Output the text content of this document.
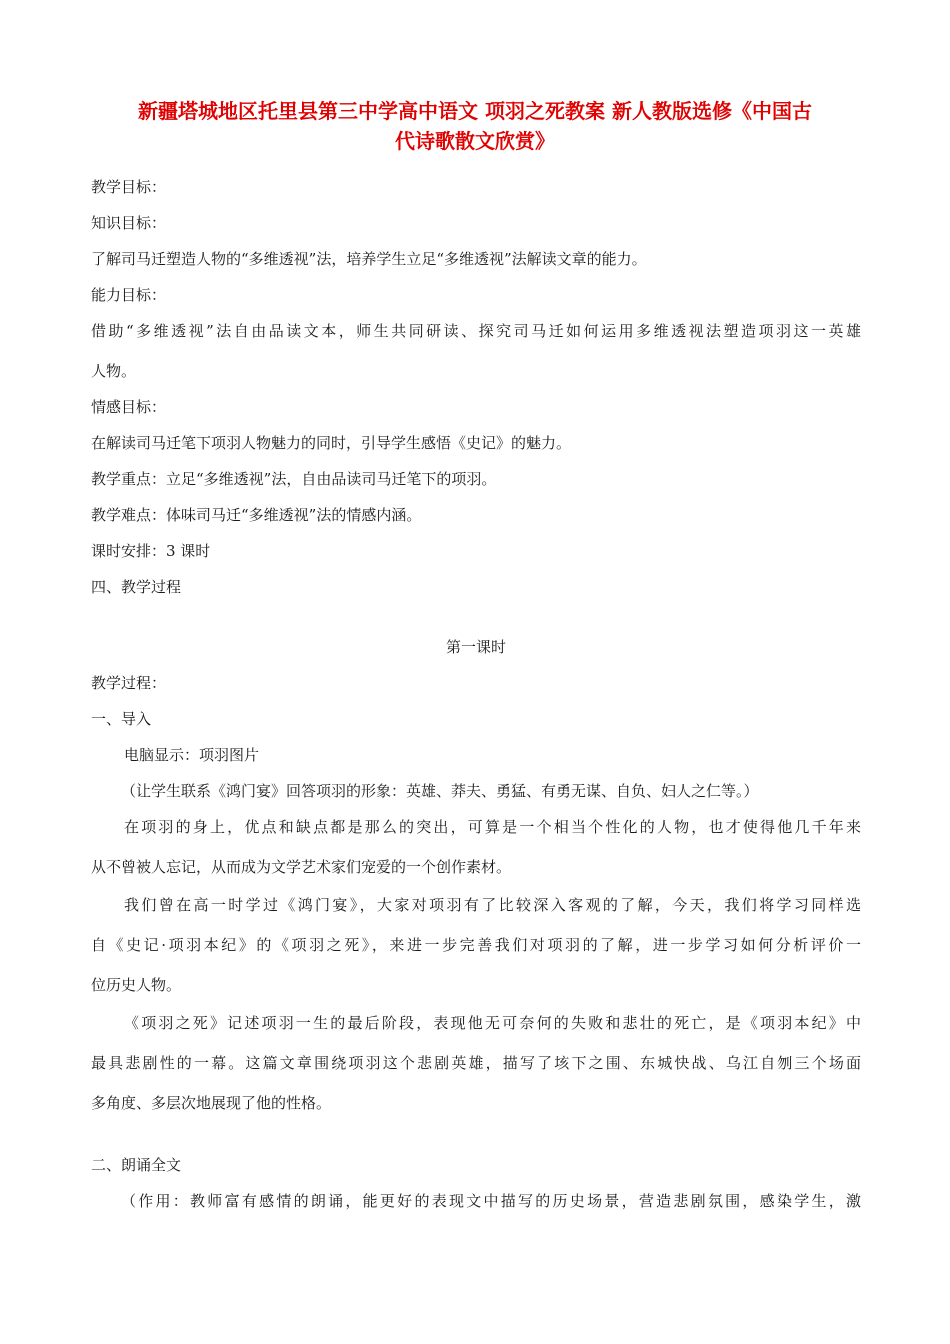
新疆塔城地区托里县第三中学高中语文 项羽之死教案 新人教版选修《中国古
代诗歌散文欣赏》
教学目标：
知识目标：
了解司马迁塑造人物的“多维透视”法，培养学生立足“多维透视”法解读文章的能力。
能力目标：
借助“多维透视”法自由品读文本，师生共同研读、探究司马迁如何运用多维透视法塑造项羽这一英雄
人物。
情感目标：
在解读司马迁笔下项羽人物魅力的同时，引导学生感悟《史记》的魅力。
教学重点：立足“多维透视”法，自由品读司马迁笔下的项羽。
教学难点：体味司马迁“多维透视”法的情感内涵。
课时安排：3 课时
四、教学过程
第一课时
教学过程：
一、导入
电脑显示：项羽图片
（让学生联系《鸿门宴》回答项羽的形象：英雄、莽夫、勇猛、有勇无谋、自负、妇人之仁等。）
在项羽的身上，优点和缺点都是那么的突出，可算是一个相当个性化的人物，也才使得他几千年来
从不曾被人忘记，从而成为文学艺术家们宠爱的一个创作素材。
我们曾在高一时学过《鸿门宴》，大家对项羽有了比较深入客观的了解，今天，我们将学习同样选
自《史记·项羽本纪》的《项羽之死》，来进一步完善我们对项羽的了解，进一步学习如何分析评价一
位历史人物。
《项羽之死》记述项羽一生的最后阶段，表现他无可奈何的失败和悲壮的死亡，是《项羽本纪》中
最具悲剧性的一幕。这篇文章围绕项羽这个悲剧英雄，描写了垓下之围、东城快战、乌江自刎三个场面
多角度、多层次地展现了他的性格。
二、朗诵全文
（作用：教师富有感情的朗诵，能更好的表现文中描写的历史场景，营造悲剧氛围，感染学生，激
